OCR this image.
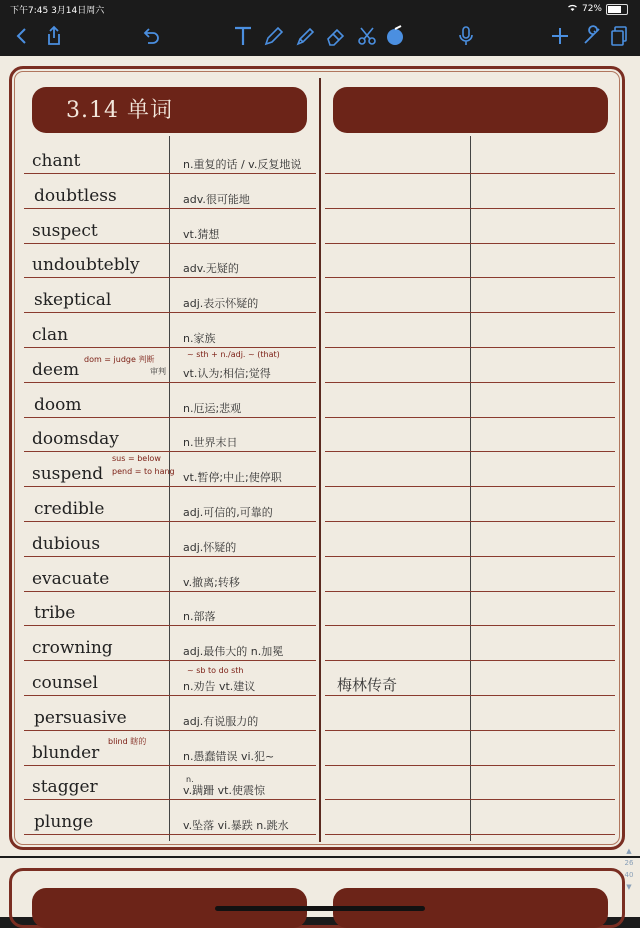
下午7:45 3月14日周六	72%
3.14 单词
chant	n.重复的话 / v.反复地说
doubtless	adv.很可能地
suspect	vt.猜想
undoubtebly	adv.无疑的
skeptical	adj.表示怀疑的
clan	n.家族
deem	vt.认为;相信;觉得
doom	n.厄运;悲观
doomsday	n.世界末日
suspend	vt.暂停;中止;使停职
credible	adj.可信的,可靠的
dubious	adj.怀疑的
evacuate	v.撤离;转移
tribe	n.部落
crowning	adj.最伟大的 n.加冕
counsel	n.劝告 vt.建议
persuasive	adj.有说服力的
blunder	n.愚蠢错误 vi.犯~
stagger	v.蹒跚 vt.使震惊
plunge	v.坠落 vi.暴跌 n.跳水
dom = judge 判断
审判
~ sth + n./adj. ~ (that)
sus = below
pend = to hang
~ sb to do sth
blind 瞎的
n.
梅林传奇
▲
26
40
▼
